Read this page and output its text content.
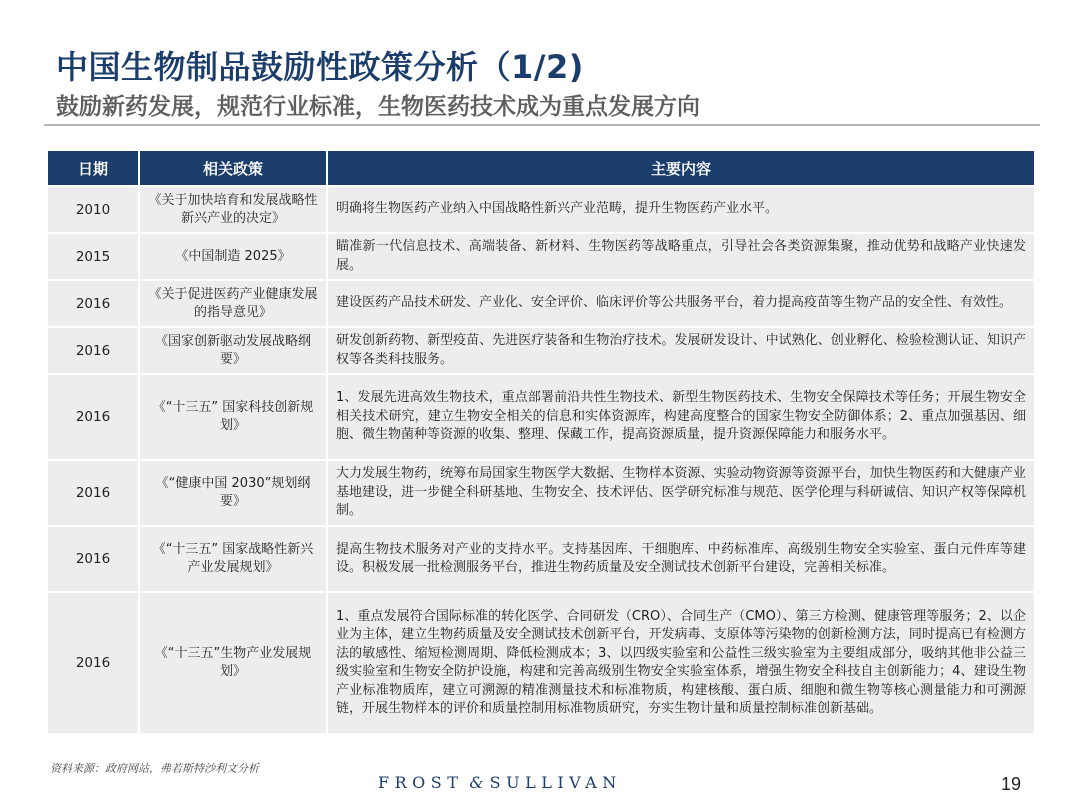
中国生物制品鼓励性政策分析（1/2)
鼓励新药发展，规范行业标准，生物医药技术成为重点发展方向
日期	相关政策	主要内容
2010	《关于加快培育和发展战略性新兴产业的决定》	明确将生物医药产业纳入中国战略性新兴产业范畴，提升生物医药产业水平。
2015	《中国制造 2025》	瞄准新一代信息技术、高端装备、新材料、生物医药等战略重点，引导社会各类资源集聚，推动优势和战略产业快速发展。
2016	《关于促进医药产业健康发展的指导意见》	建设医药产品技术研发、产业化、安全评价、临床评价等公共服务平台，着力提高疫苗等生物产品的安全性、有效性。
2016	《国家创新驱动发展战略纲要》	研发创新药物、新型疫苗、先进医疗装备和生物治疗技术。发展研发设计、中试熟化、创业孵化、检验检测认证、知识产权等各类科技服务。
2016	《“十三五” 国家科技创新规划》	1、发展先进高效生物技术，重点部署前沿共性生物技术、新型生物医药技术、生物安全保障技术等任务；开展生物安全相关技术研究，建立生物安全相关的信息和实体资源库，构建高度整合的国家生物安全防御体系；2、重点加强基因、细胞、微生物菌种等资源的收集、整理、保藏工作，提高资源质量，提升资源保障能力和服务水平。
2016	《“健康中国 2030”规划纲要》	大力发展生物药，统筹布局国家生物医学大数据、生物样本资源、实验动物资源等资源平台，加快生物医药和大健康产业基地建设，进一步健全科研基地、生物安全、技术评估、医学研究标准与规范、医学伦理与科研诚信、知识产权等保障机制。
2016	《“十三五” 国家战略性新兴产业发展规划》	提高生物技术服务对产业的支持水平。支持基因库、干细胞库、中药标准库、高级别生物安全实验室、蛋白元件库等建设。积极发展一批检测服务平台，推进生物药质量及安全测试技术创新平台建设，完善相关标准。
2016	《“十三五”生物产业发展规划》	1、重点发展符合国际标准的转化医学、合同研发（CRO）、合同生产（CMO）、第三方检测、健康管理等服务；2、以企业为主体，建立生物药质量及安全测试技术创新平台，开发病毒、支原体等污染物的创新检测方法，同时提高已有检测方法的敏感性、缩短检测周期、降低检测成本；3、以四级实验室和公益性三级实验室为主要组成部分，吸纳其他非公益三级实验室和生物安全防护设施，构建和完善高级别生物安全实验室体系，增强生物安全科技自主创新能力；4、建设生物产业标准物质库，建立可溯源的精准测量技术和标准物质，构建核酸、蛋白质、细胞和微生物等核心测量能力和可溯源链，开展生物样本的评价和质量控制用标准物质研究，夯实生物计量和质量控制标准创新基础。
资料来源：政府网站，弗若斯特沙利文分析
FROST & SULLIVAN	19
